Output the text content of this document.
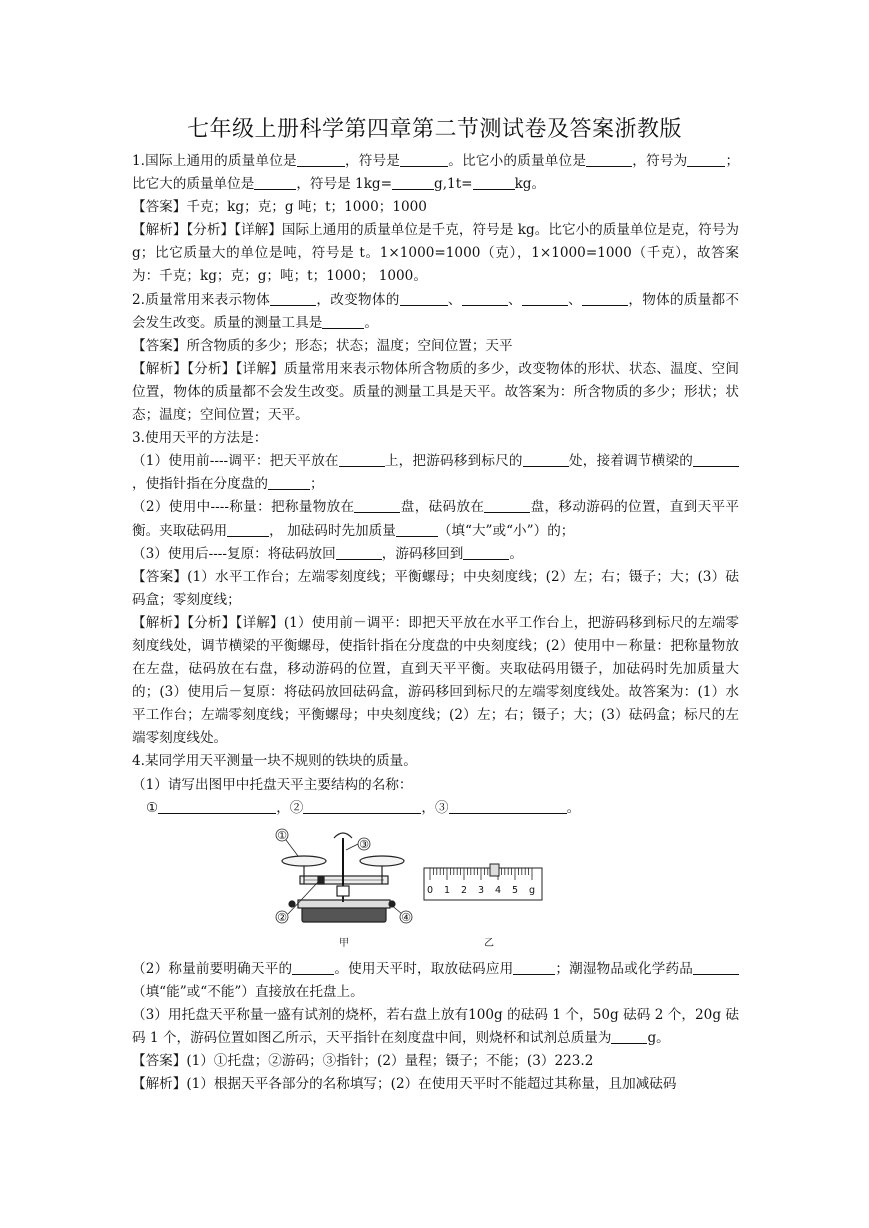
七年级上册科学第四章第二节测试卷及答案浙教版

1.国际上通用的质量单位是	，符号是	。比它小的质量单位是	，符号为	；比它大的质量单位是	，符号是 1kg=	g,1t=	kg。

【答案】千克；kg；克；g 吨；t；1000；1000

【解析】【分析】【详解】国际上通用的质量单位是千克，符号是 kg。比它小的质量单位是克，符号为 g；比它质量大的单位是吨，符号是 t。1×1000=1000（克），1×1000=1000（千克），故答案为：千克；kg；克；g；吨；t；1000； 1000。

2.质量常用来表示物体	，改变物体的	、	、	、	，物体的质量都不会发生改变。质量的测量工具是	。

【答案】所含物质的多少；形态；状态；温度；空间位置；天平

【解析】【分析】【详解】质量常用来表示物体所含物质的多少，改变物体的形状、状态、温度、空间位置，物体的质量都不会发生改变。质量的测量工具是天平。故答案为：所含物质的多少；形状；状态；温度；空间位置；天平。

3.使用天平的方法是：

（1）使用前----调平：把天平放在	上，把游码移到标尺的	处，接着调节横梁的，使指针指在分度盘的	；

（2）使用中----称量：把称量物放在	盘，砝码放在	盘，移动游码的位置，直到天平平衡。夹取砝码用	， 加砝码时先加质量	（填“大”或“小”）的；

（3）使用后----复原：将砝码放回	，游码移回到	。

【答案】(1）水平工作台；左端零刻度线；平衡螺母；中央刻度线；(2）左；右；镊子；大；(3）砝码盒；零刻度线；

【解析】【分析】【详解】(1）使用前－调平：即把天平放在水平工作台上，把游码移到标尺的左端零刻度线处，调节横梁的平衡螺母，使指针指在分度盘的中央刻度线；(2）使用中－称量：把称量物放在左盘，砝码放在右盘，移动游码的位置，直到天平平衡。夹取砝码用镊子，加砝码时先加质量大的；(3）使用后－复原：将砝码放回砝码盒，游码移回到标尺的左端零刻度线处。故答案为：(1）水平工作台；左端零刻度线；平衡螺母；中央刻度线；(2）左；右；镊子；大；(3）砝码盒；标尺的左端零刻度线处。

4.某同学用天平测量一块不规则的铁块的质量。

（1）请写出图甲中托盘天平主要结构的名称：

①	，②	，③	。

①
③
②	④
甲
0 1 2 3 4 5 g
乙

（2）称量前要明确天平的	。使用天平时，取放砝码应用	；潮湿物品或化学药品（填“能”或“不能”）直接放在托盘上。

（3）用托盘天平称量一盛有试剂的烧杯，若右盘上放有100g 的砝码 1 个，50g 砝码 2 个，20g 砝码 1 个，游码位置如图乙所示，天平指针在刻度盘中间，则烧杯和试剂总质量为	g。

【答案】(1）①托盘；②游码；③指针；(2）量程；镊子；不能；(3）223.2

【解析】(1）根据天平各部分的名称填写；(2）在使用天平时不能超过其称量，且加减砝码
